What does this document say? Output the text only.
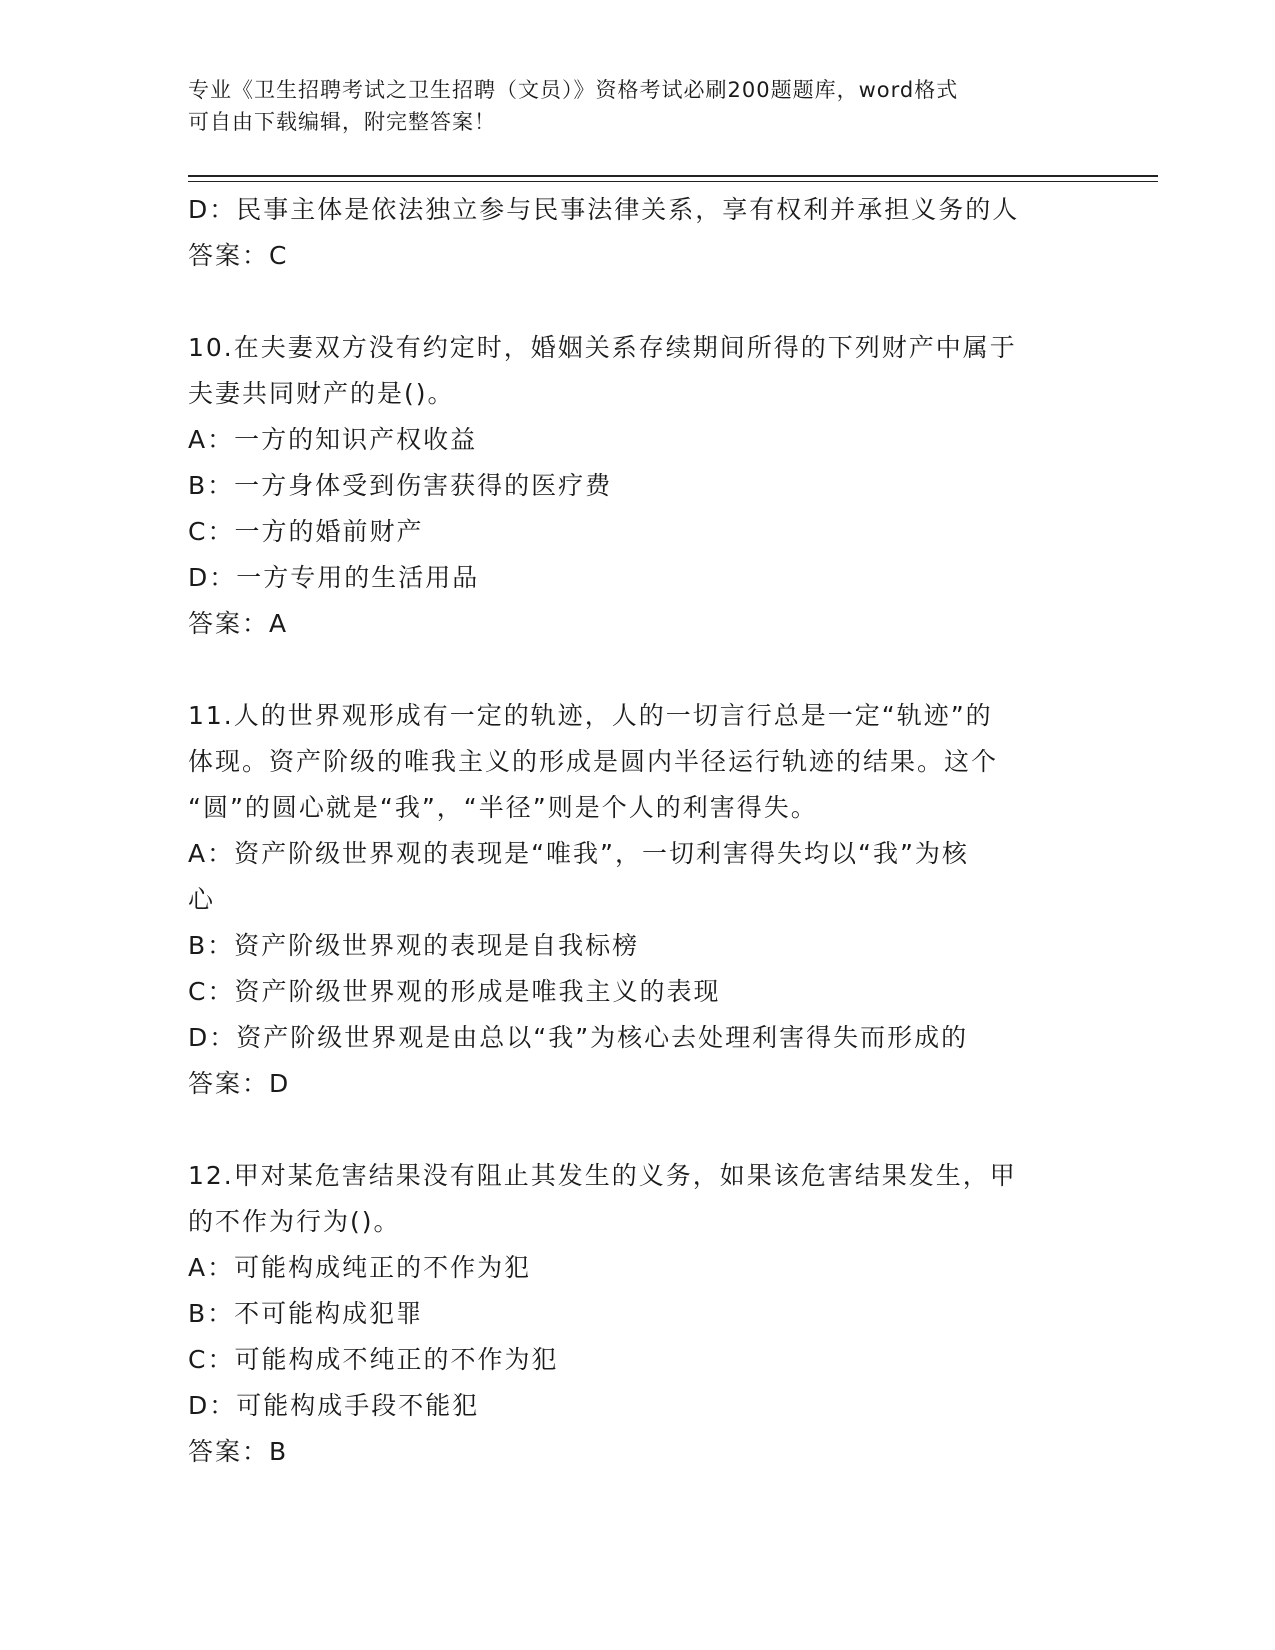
专业《卫生招聘考试之卫生招聘（文员）》资格考试必刷200题题库，word格式
可自由下载编辑，附完整答案！

D：民事主体是依法独立参与民事法律关系，享有权利并承担义务的人

答案：C

10.在夫妻双方没有约定时，婚姻关系存续期间所得的下列财产中属于

夫妻共同财产的是()。

A：一方的知识产权收益

B：一方身体受到伤害获得的医疗费

C：一方的婚前财产

D：一方专用的生活用品

答案：A

11.人的世界观形成有一定的轨迹，人的一切言行总是一定“轨迹”的

体现。资产阶级的唯我主义的形成是圆内半径运行轨迹的结果。这个

“圆”的圆心就是“我”，“半径”则是个人的利害得失。

A：资产阶级世界观的表现是“唯我”，一切利害得失均以“我”为核

心

B：资产阶级世界观的表现是自我标榜

C：资产阶级世界观的形成是唯我主义的表现

D：资产阶级世界观是由总以“我”为核心去处理利害得失而形成的

答案：D

12.甲对某危害结果没有阻止其发生的义务，如果该危害结果发生，甲

的不作为行为()。

A：可能构成纯正的不作为犯

B：不可能构成犯罪

C：可能构成不纯正的不作为犯

D：可能构成手段不能犯

答案：B
